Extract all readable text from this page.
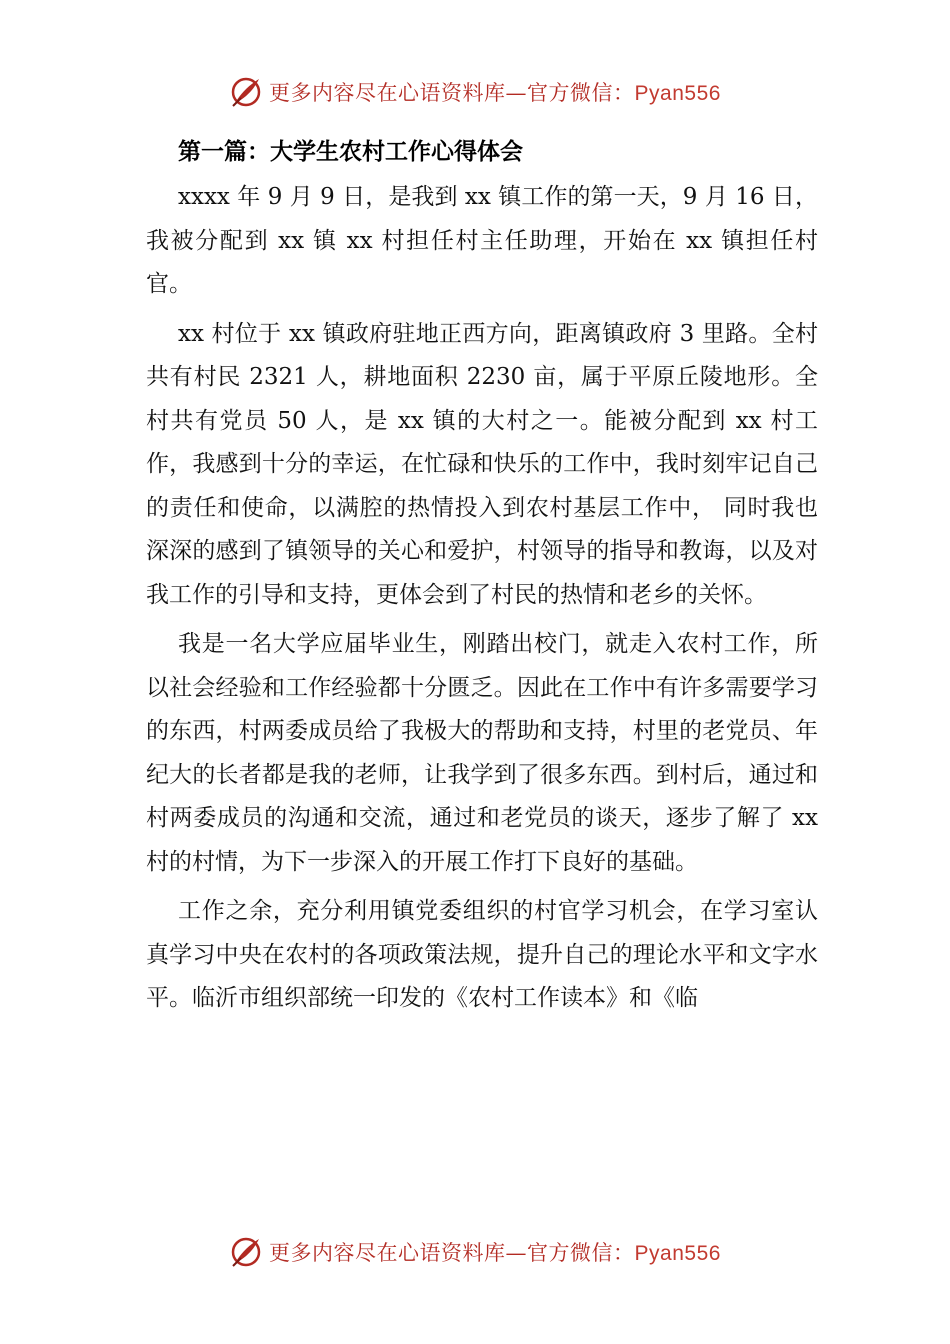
更多内容尽在心语资料库—官方微信：Pyan556
第一篇：大学生农村工作心得体会

xxxx 年 9 月 9 日，是我到 xx 镇工作的第一天，9 月 16 日， 我被分配到 xx 镇 xx 村担任村主任助理，开始在 xx 镇担任村官。

xx 村位于 xx 镇政府驻地正西方向，距离镇政府 3 里路。全村共有村民 2321 人，耕地面积 2230 亩，属于平原丘陵地形。全村共有党员 50 人，是 xx 镇的大村之一。能被分配到 xx 村工作，我感到十分的幸运，在忙碌和快乐的工作中，我时刻牢记自己的责任和使命，以满腔的热情投入到农村基层工作中， 同时我也深深的感到了镇领导的关心和爱护，村领导的指导和教诲，以及对我工作的引导和支持，更体会到了村民的热情和老乡的关怀。

我是一名大学应届毕业生，刚踏出校门，就走入农村工作，所以社会经验和工作经验都十分匮乏。因此在工作中有许多需要学习的东西，村两委成员给了我极大的帮助和支持，村里的老党员、年纪大的长者都是我的老师，让我学到了很多东西。到村后，通过和村两委成员的沟通和交流，通过和老党员的谈天，逐步了解了 xx 村的村情，为下一步深入的开展工作打下良好的基础。

工作之余，充分利用镇党委组织的村官学习机会，在学习室认真学习中央在农村的各项政策法规，提升自己的理论水平和文字水平。临沂市组织部统一印发的《农村工作读本》和《临

更多内容尽在心语资料库—官方微信：Pyan556
